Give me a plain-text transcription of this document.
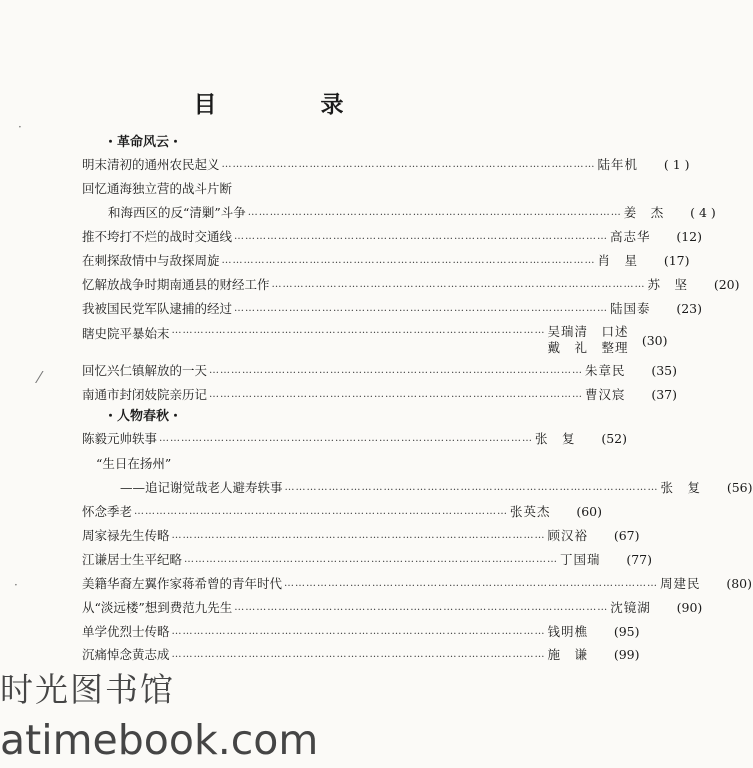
目 录
・革命风云・
明末清初的通州农民起义 ………………………………………………………………………………………… 陆年机	( 1 )
回忆通海独立营的战斗片断
和海西区的反“清剿”斗争 ………………………………………………………………………………………… 姜　杰	( 4 )
推不垮打不烂的战时交通线 ………………………………………………………………………………………… 高志华	(12)
在刺探敌情中与敌探周旋 ………………………………………………………………………………………… 肖　星	(17)
忆解放战争时期南通县的财经工作 ………………………………………………………………………………………… 苏　坚	(20)
我被国民党军队逮捕的经过 ………………………………………………………………………………………… 陆国泰	(23)
瞎史院平暴始末 ………………………………………………………………………………………… 吴瑞清　口述
戴　礼　整理	(30)
回忆兴仁镇解放的一天 ………………………………………………………………………………………… 朱章民	(35)
南通市封闭妓院亲历记 ………………………………………………………………………………………… 曹汉宸	(37)
・人物春秋・
陈毅元帅轶事 ………………………………………………………………………………………… 张　复	(52)
“生日在扬州”
——追记谢觉哉老人避寿轶事 ………………………………………………………………………………………… 张　复	(56)
怀念季老 ………………………………………………………………………………………… 张英杰	(60)
周家禄先生传略 ………………………………………………………………………………………… 顾汉裕	(67)
江谦居士生平纪略 ………………………………………………………………………………………… 丁国瑞	(77)
美籍华裔左翼作家蒋希曾的青年时代 ………………………………………………………………………………………… 周建民	(80)
从“淡远楼”想到费范九先生 ………………………………………………………………………………………… 沈镜湖	(90)
单学优烈士传略 ………………………………………………………………………………………… 钱明樵	(95)
沉痛悼念黄志成 ………………………………………………………………………………………… 施　谦	(99)
·
⁄
·
时光图书馆
atimebook.com
